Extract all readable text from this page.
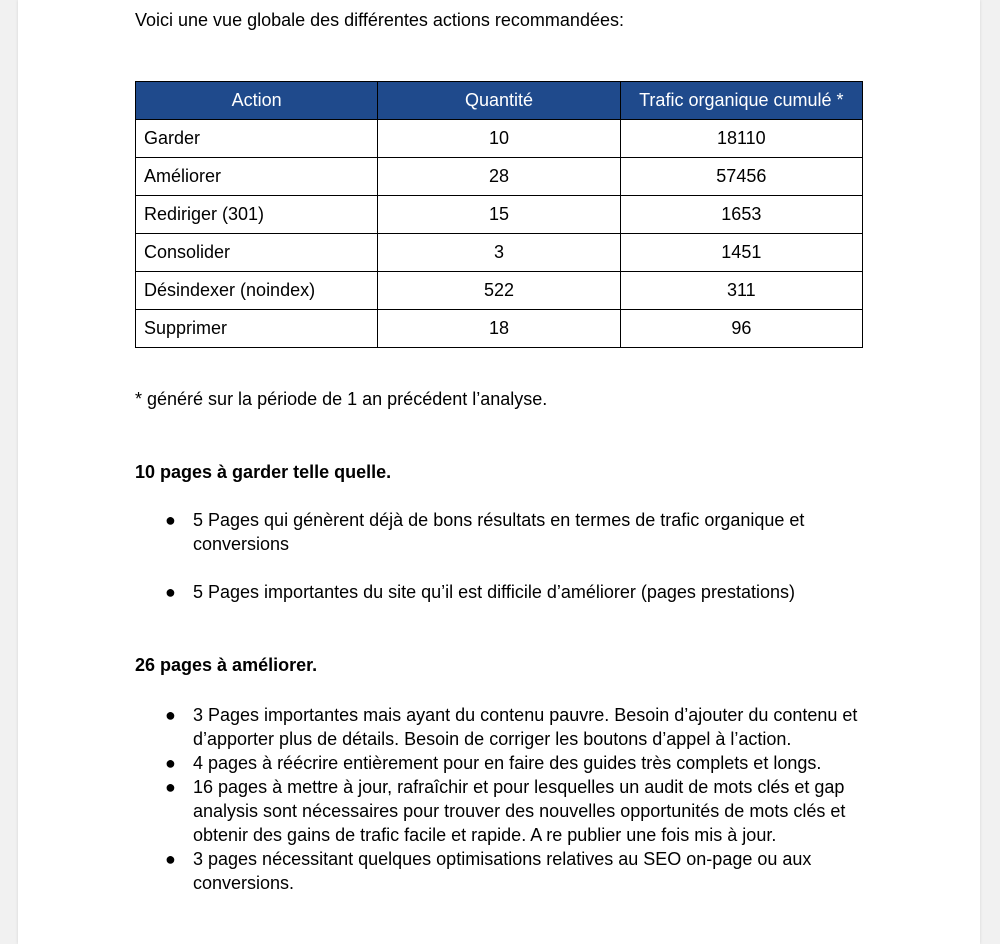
Voici une vue globale des différentes actions recommandées:
Action	Quantité	Trafic organique cumulé *
Garder	10	18110
Améliorer	28	57456
Rediriger (301)	15	1653
Consolider	3	1451
Désindexer (noindex)	522	311
Supprimer	18	96
* généré sur la période de 1 an précédent l’analyse.
10 pages à garder telle quelle.
● 5 Pages qui génèrent déjà de bons résultats en termes de trafic organique et conversions
● 5 Pages importantes du site qu’il est difficile d’améliorer (pages prestations)
26 pages à améliorer.
● 3 Pages importantes mais ayant du contenu pauvre. Besoin d’ajouter du contenu et d’apporter plus de détails. Besoin de corriger les boutons d’appel à l’action.
● 4 pages à réécrire entièrement pour en faire des guides très complets et longs.
● 16 pages à mettre à jour, rafraîchir et pour lesquelles un audit de mots clés et gap analysis sont nécessaires pour trouver des nouvelles opportunités de mots clés et obtenir des gains de trafic facile et rapide. A re publier une fois mis à jour.
● 3 pages nécessitant quelques optimisations relatives au SEO on-page ou aux conversions.
